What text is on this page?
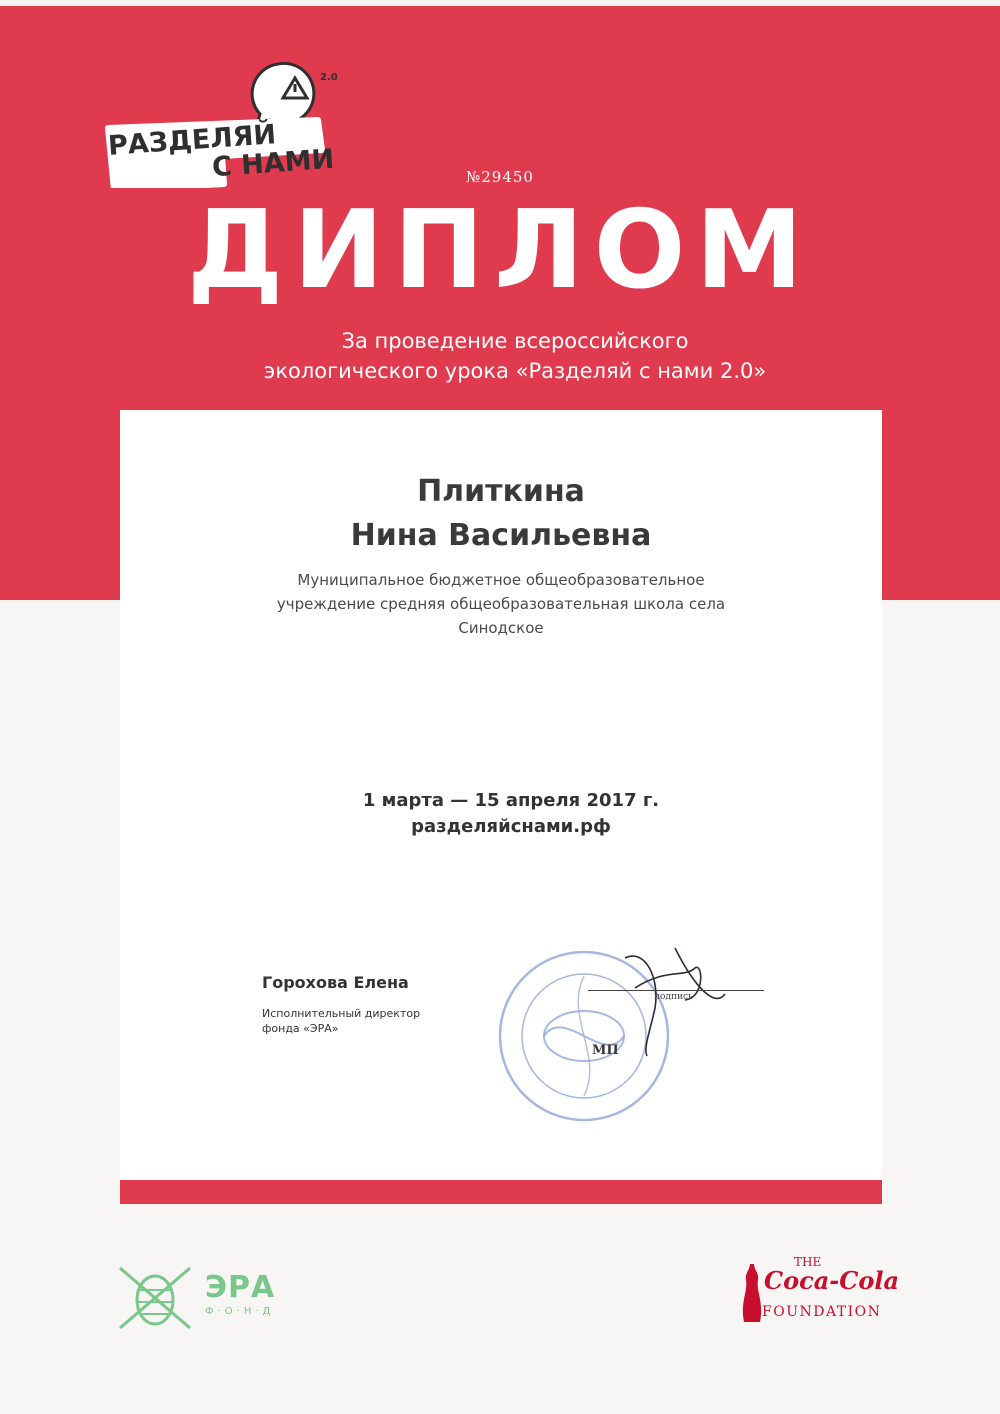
РАЗДЕЛЯЙ
С НАМИ
2.0
№29450
ДИПЛОМ
За проведение всероссийского
экологического урока «Разделяй с нами 2.0»
Плиткина
Нина Васильевна
Муниципальное бюджетное общеобразовательное
учреждение средняя общеобразовательная школа села
Синодское
1 марта — 15 апреля 2017 г.
разделяйснами.рф
Горохова Елена
Исполнительный директор
фонда «ЭРА»
подпись
МП
ЭРА
Ф·О·Н·Д
THE
Coca-Cola
FOUNDATION
